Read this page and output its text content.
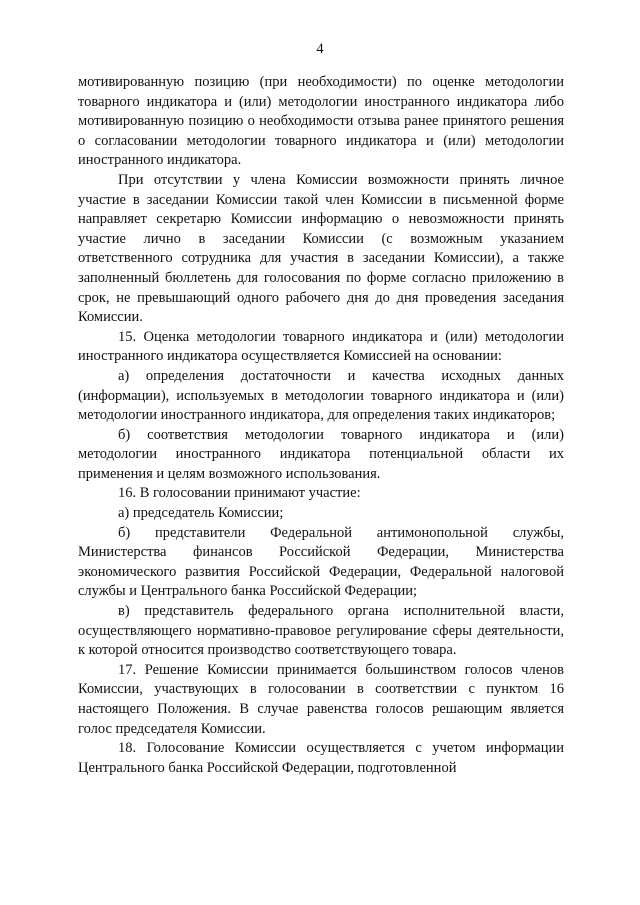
4

мотивированную позицию (при необходимости) по оценке методологии товарного индикатора и (или) методологии иностранного индикатора либо мотивированную позицию о необходимости отзыва ранее принятого решения о согласовании методологии товарного индикатора и (или) методологии иностранного индикатора.

При отсутствии у члена Комиссии возможности принять личное участие в заседании Комиссии такой член Комиссии в письменной форме направляет секретарю Комиссии информацию о невозможности принять участие лично в заседании Комиссии (с возможным указанием ответственного сотрудника для участия в заседании Комиссии), а также заполненный бюллетень для голосования по форме согласно приложению в срок, не превышающий одного рабочего дня до дня проведения заседания Комиссии.

15. Оценка методологии товарного индикатора и (или) методологии иностранного индикатора осуществляется Комиссией на основании:

а) определения достаточности и качества исходных данных (информации), используемых в методологии товарного индикатора и (или) методологии иностранного индикатора, для определения таких индикаторов;

б) соответствия методологии товарного индикатора и (или) методологии иностранного индикатора потенциальной области их применения и целям возможного использования.

16. В голосовании принимают участие:

а) председатель Комиссии;

б) представители Федеральной антимонопольной службы, Министерства финансов Российской Федерации, Министерства экономического развития Российской Федерации, Федеральной налоговой службы и Центрального банка Российской Федерации;

в) представитель федерального органа исполнительной власти, осуществляющего нормативно-правовое регулирование сферы деятельности, к которой относится производство соответствующего товара.

17. Решение Комиссии принимается большинством голосов членов Комиссии, участвующих в голосовании в соответствии с пунктом 16 настоящего Положения. В случае равенства голосов решающим является голос председателя Комиссии.

18. Голосование Комиссии осуществляется с учетом информации Центрального банка Российской Федерации, подготовленной
